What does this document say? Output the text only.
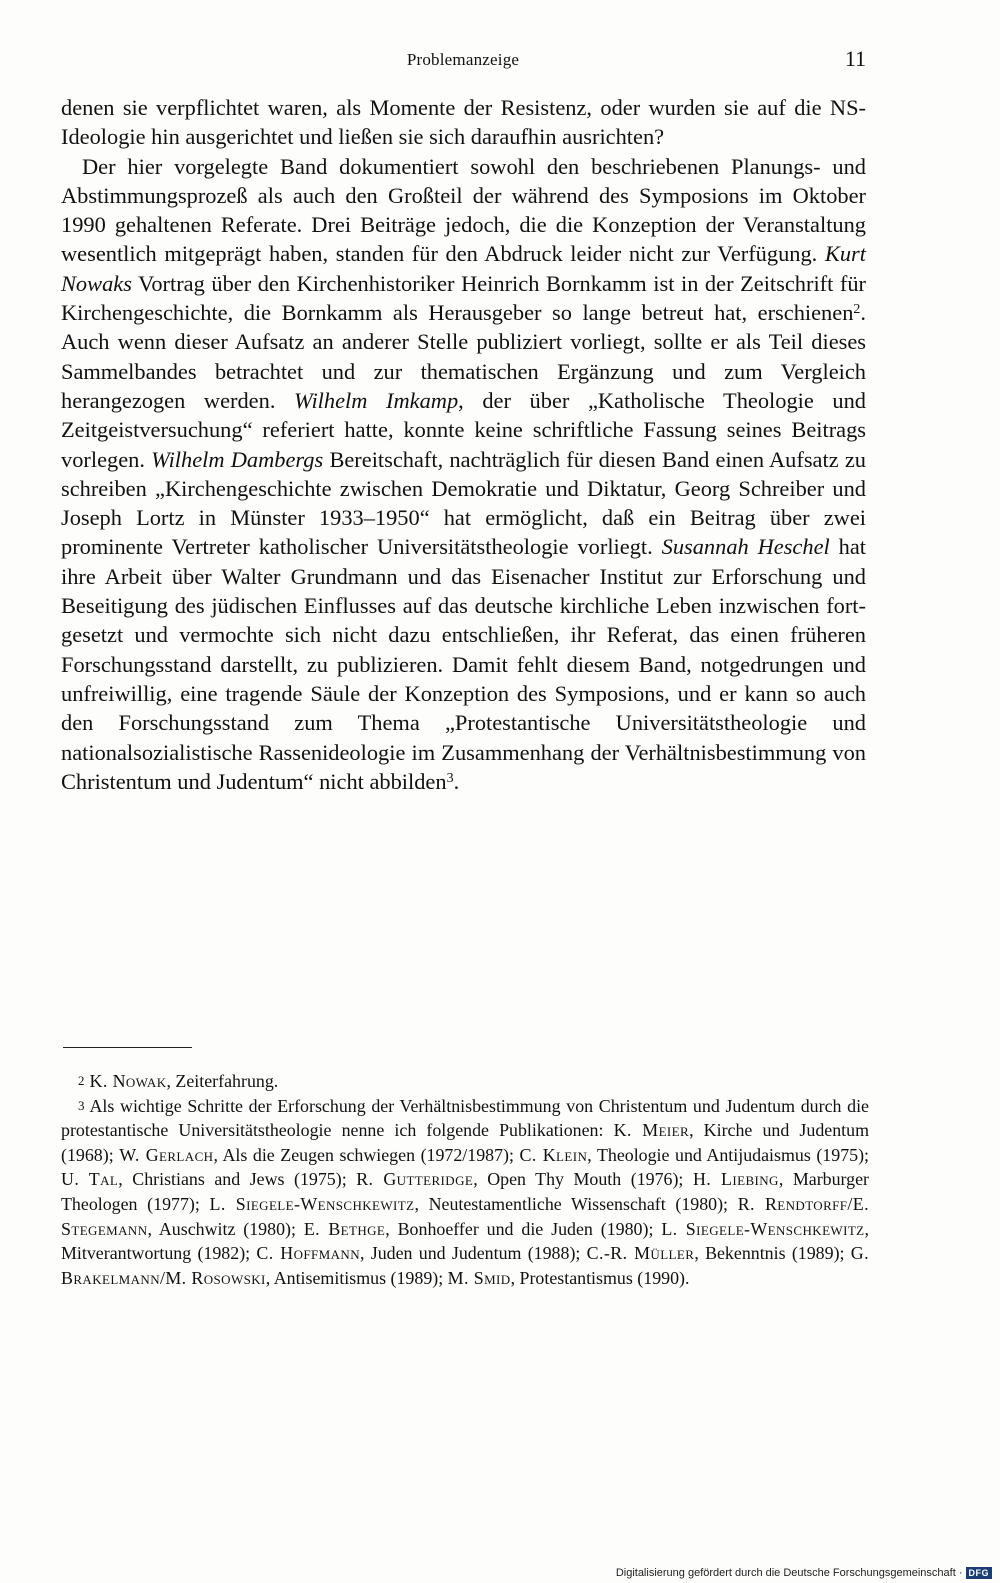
Problemanzeige	11

denen sie verpflichtet waren, als Momente der Resistenz, oder wurden sie auf die NS-Ideologie hin ausgerichtet und ließen sie sich daraufhin ausrichten?

Der hier vorgelegte Band dokumentiert sowohl den beschriebenen Planungs- und Abstimmungsprozeß als auch den Großteil der während des Symposions im Oktober 1990 gehaltenen Referate. Drei Beiträge jedoch, die die Konzeption der Veranstaltung wesentlich mitgeprägt haben, standen für den Abdruck leider nicht zur Verfügung. Kurt Nowaks Vortrag über den Kirchenhistoriker Heinrich Bornkamm ist in der Zeitschrift für Kirchengeschichte, die Bornkamm als Herausgeber so lange betreut hat, erschienen$^2$. Auch wenn dieser Aufsatz an anderer Stelle publiziert vorliegt, sollte er als Teil dieses Sammelbandes betrachtet und zur thematischen Ergänzung und zum Vergleich herangezogen werden. Wilhelm Imkamp, der über „Katholische Theologie und Zeitgeistversuchung“ referiert hatte, konnte keine schriftliche Fassung seines Beitrags vorlegen. Wilhelm Dambergs Bereitschaft, nachträglich für diesen Band einen Aufsatz zu schreiben „Kirchengeschichte zwischen Demokratie und Diktatur, Georg Schreiber und Joseph Lortz in Münster 1933–1950“ hat ermöglicht, daß ein Beitrag über zwei prominente Vertreter katholischer Universitätstheologie vorliegt. Susannah Heschel hat ihre Arbeit über Walter Grundmann und das Eisenacher Institut zur Erforschung und Beseitigung des jüdischen Einflusses auf das deutsche kirchliche Leben inzwischen fortgesetzt und vermochte sich nicht dazu entschließen, ihr Referat, das einen früheren Forschungsstand darstellt, zu publizieren. Damit fehlt diesem Band, notgedrungen und unfreiwillig, eine tragende Säule der Konzeption des Symposions, und er kann so auch den Forschungsstand zum Thema „Protestantische Universitätstheologie und nationalsozialistische Rassenideologie im Zusammenhang der Verhältnisbestimmung von Christentum und Judentum“ nicht abbilden$^3$.

2 K. Nowak, Zeiterfahrung.

3 Als wichtige Schritte der Erforschung der Verhältnisbestimmung von Christentum und Judentum durch die protestantische Universitätstheologie nenne ich folgende Publikationen: K. Meier, Kirche und Judentum (1968); W. Gerlach, Als die Zeugen schwiegen (1972/1987); C. Klein, Theologie und Antijudaismus (1975); U. Tal, Christians and Jews (1975); R. Gutteridge, Open Thy Mouth (1976); H. Liebing, Marburger Theologen (1977); L. Siegele-Wenschkewitz, Neutestamentliche Wissenschaft (1980); R. Rendtorff/E. Stegemann, Auschwitz (1980); E. Bethge, Bonhoeffer und die Juden (1980); L. Siegele-Wenschkewitz, Mitverantwortung (1982); C. Hoffmann, Juden und Judentum (1988); C.-R. Müller, Bekenntnis (1989); G. Brakelmann/M. Rosowski, Antisemitismus (1989); M. Smid, Protestantismus (1990).

Digitalisierung gefördert durch die Deutsche Forschungsgemeinschaft · DFG
